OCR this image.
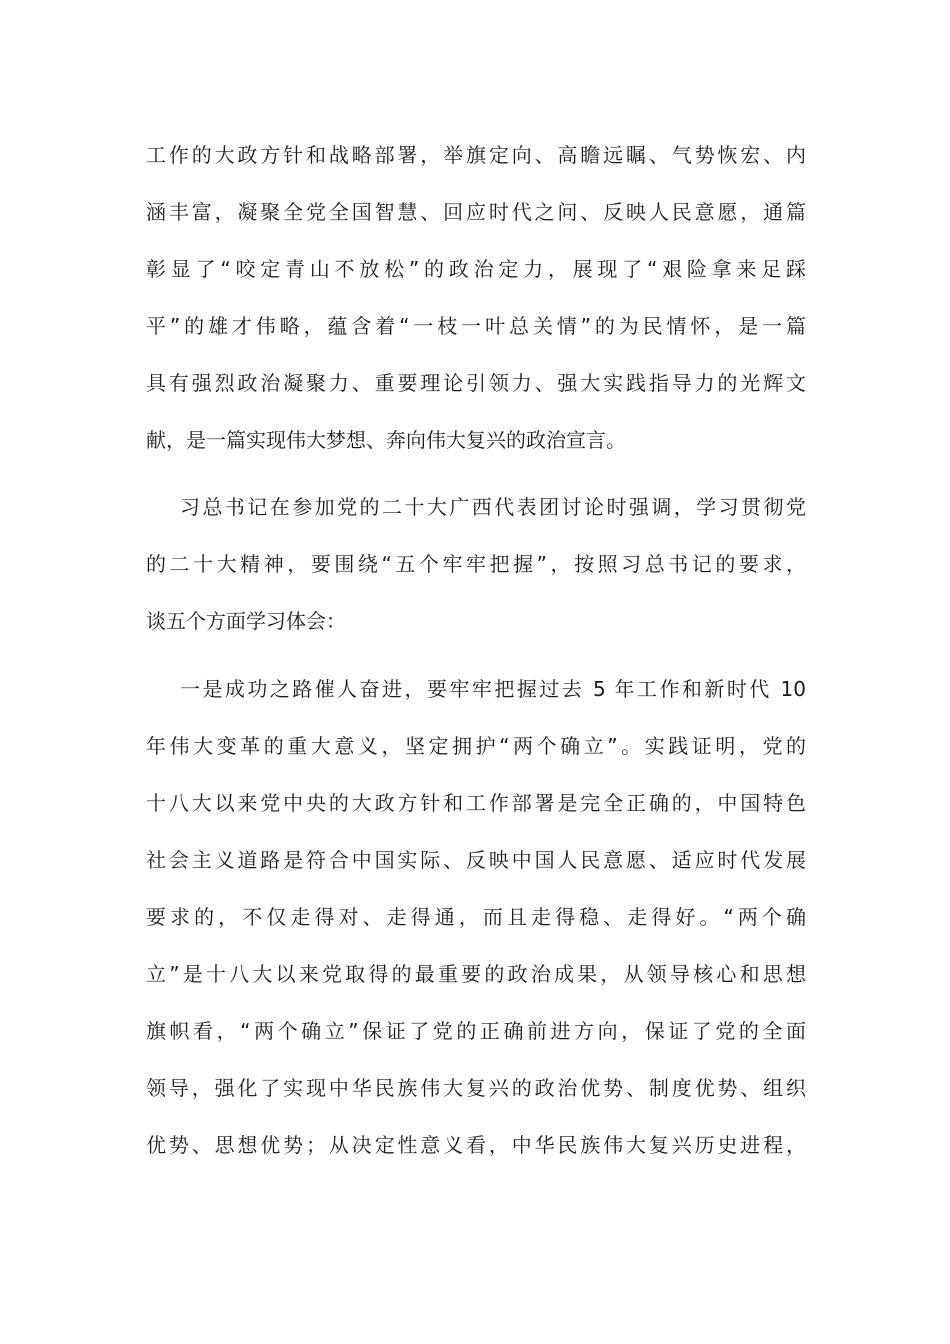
工作的大政方针和战略部署，举旗定向、高瞻远瞩、气势恢宏、内
涵丰富，凝聚全党全国智慧、回应时代之问、反映人民意愿，通篇
彰显了“咬定青山不放松”的政治定力，展现了“艰险拿来足踩
平”的雄才伟略，蕴含着“一枝一叶总关情”的为民情怀，是一篇
具有强烈政治凝聚力、重要理论引领力、强大实践指导力的光辉文
献，是一篇实现伟大梦想、奔向伟大复兴的政治宣言。
习总书记在参加党的二十大广西代表团讨论时强调，学习贯彻党
的二十大精神，要围绕“五个牢牢把握”，按照习总书记的要求，
谈五个方面学习体会：
一是成功之路催人奋进，要牢牢把握过去 5 年工作和新时代 10
年伟大变革的重大意义，坚定拥护“两个确立”。实践证明，党的
十八大以来党中央的大政方针和工作部署是完全正确的，中国特色
社会主义道路是符合中国实际、反映中国人民意愿、适应时代发展
要求的，不仅走得对、走得通，而且走得稳、走得好。“两个确
立”是十八大以来党取得的最重要的政治成果，从领导核心和思想
旗帜看，“两个确立”保证了党的正确前进方向，保证了党的全面
领导，强化了实现中华民族伟大复兴的政治优势、制度优势、组织
优势、思想优势；从决定性意义看，中华民族伟大复兴历史进程，
